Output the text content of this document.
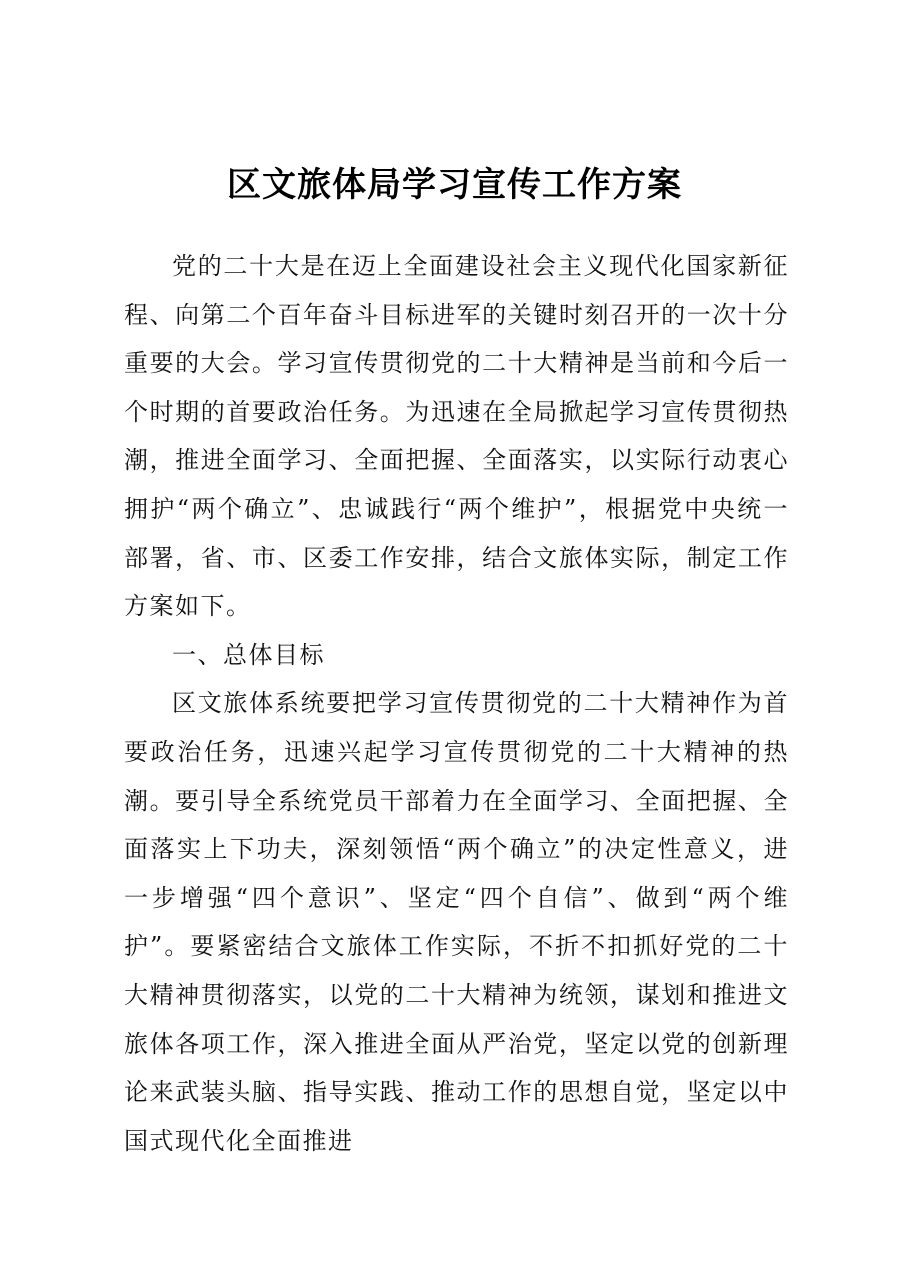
区文旅体局学习宣传工作方案

党的二十大是在迈上全面建设社会主义现代化国家新征程、向第二个百年奋斗目标进军的关键时刻召开的一次十分重要的大会。学习宣传贯彻党的二十大精神是当前和今后一个时期的首要政治任务。为迅速在全局掀起学习宣传贯彻热潮，推进全面学习、全面把握、全面落实，以实际行动衷心拥护“两个确立”、忠诚践行“两个维护”，根据党中央统一部署，省、市、区委工作安排，结合文旅体实际，制定工作方案如下。

一、总体目标

区文旅体系统要把学习宣传贯彻党的二十大精神作为首要政治任务，迅速兴起学习宣传贯彻党的二十大精神的热潮。要引导全系统党员干部着力在全面学习、全面把握、全面落实上下功夫，深刻领悟“两个确立”的决定性意义，进一步增强“四个意识”、坚定“四个自信”、做到“两个维护”。要紧密结合文旅体工作实际，不折不扣抓好党的二十大精神贯彻落实，以党的二十大精神为统领，谋划和推进文旅体各项工作，深入推进全面从严治党，坚定以党的创新理论来武装头脑、指导实践、推动工作的思想自觉，坚定以中国式现代化全面推进
